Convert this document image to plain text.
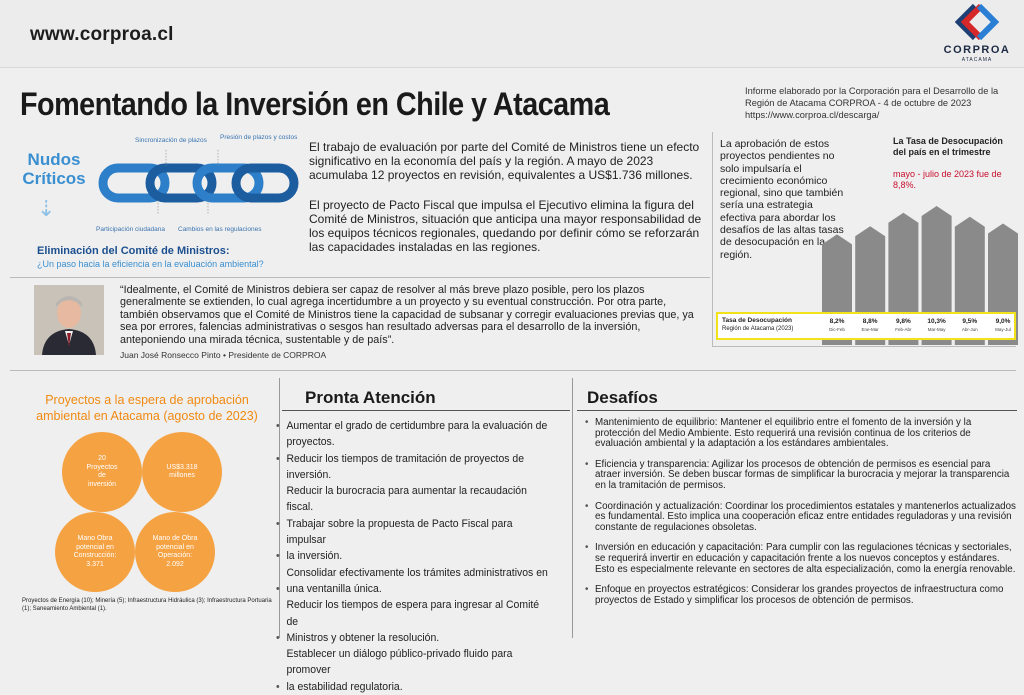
www.corproa.cl
CORPROA
ATACAMA
Fomentando la Inversión en Chile y Atacama	Informe elaborado por la Corporación para el Desarrollo de la
Región de Atacama CORPROA - 4 de octubre de 2023
https://www.corproa.cl/descarga/
Nudos Críticos
⇣
Sincronización de plazos Presión de plazos y costos
Participación ciudadana Cambios en las regulaciones
Eliminación del Comité de Ministros:
¿Un paso hacia la eficiencia en la evaluación ambiental?

El trabajo de evaluación por parte del Comité de Ministros tiene un efecto significativo en la economía del país y la región. A mayo de 2023 acumulaba 12 proyectos en revisión, equivalentes a US$1.736 millones.

El proyecto de Pacto Fiscal que impulsa el Ejecutivo elimina la figura del Comité de Ministros, situación que anticipa una mayor responsabilidad de los equipos técnicos regionales, quedando por definir cómo se reforzarán las capacidades instaladas en las regiones.

La aprobación de estos proyectos pendientes no solo impulsaría el crecimiento económico regional, sino que también sería una estrategia efectiva para abordar los desafíos de las altas tasas de desocupación en la región.

La Tasa de Desocupación del país en el trimestre
mayo - julio de 2023 fue de 8,8%.
Tasa de Desocupación
Región de Atacama (2023)
8,2%
Dic-Feb
8,8%
Ene-Mar
9,8%
Feb-Abr
10,3%
Mar-May
9,5%
Abr-Jun
9,0%
May-Jul

“Idealmente, el Comité de Ministros debiera ser capaz de resolver al más breve plazo posible, pero los plazos generalmente se extienden, lo cual agrega incertidumbre a un proyecto y su eventual construcción. Por otra parte, también observamos que el Comité de Ministros tiene la capacidad de subsanar y corregir evaluaciones previas que, ya sea por errores, falencias administrativas o sesgos han resultado adversas para el desarrollo de la inversión, anteponiendo una mirada técnica, sustentable y de país”.

Juan José Ronsecco Pinto • Presidente de CORPROA
Proyectos a la espera de aprobación
ambiental en Atacama (agosto de 2023)
20
Proyectos
de
inversión
US$3.318
millones
Mano Obra
potencial en
Construcción:
3.371
Mano de Obra
potencial en
Operación:
2.092

Proyectos de Energía (10); Minería (5); Infraestructura Hidráulica (3); Infraestructura Portuaria (1); Saneamiento Ambiental (1).

Pronta Atención
• Aumentar el grado de certidumbre para la evaluación de
proyectos.
• Reducir los tiempos de tramitación de proyectos de inversión.
Reducir la burocracia para aumentar la recaudación fiscal.
• Trabajar sobre la propuesta de Pacto Fiscal para impulsar
• la inversión.
Consolidar efectivamente los trámites administrativos en
• una ventanilla única.
Reducir los tiempos de espera para ingresar al Comité de
• Ministros y obtener la resolución.
Establecer un diálogo público-privado fluido para promover
• la estabilidad regulatoria.
Desafíos
• Mantenimiento de equilibrio: Mantener el equilibrio entre el fomento de la inversión y la protección del Medio Ambiente. Esto requerirá una revisión continua de los criterios de evaluación ambiental y la adaptación a los estándares ambientales.
• Eficiencia y transparencia: Agilizar los procesos de obtención de permisos es esencial para atraer inversión. Se deben buscar formas de simplificar la burocracia y mejorar la transparencia en la tramitación de permisos.
• Coordinación y actualización: Coordinar los procedimientos estatales y mantenerlos actualizados es fundamental. Esto implica una cooperación eficaz entre entidades reguladoras y una revisión constante de regulaciones obsoletas.
• Inversión en educación y capacitación: Para cumplir con las regulaciones técnicas y sectoriales, se requerirá invertir en educación y capacitación frente a los nuevos conceptos y estándares. Esto es especialmente relevante en sectores de alta especialización, como la energía renovable.
• Enfoque en proyectos estratégicos: Considerar los grandes proyectos de infraestructura como proyectos de Estado y simplificar los procesos de obtención de permisos.
